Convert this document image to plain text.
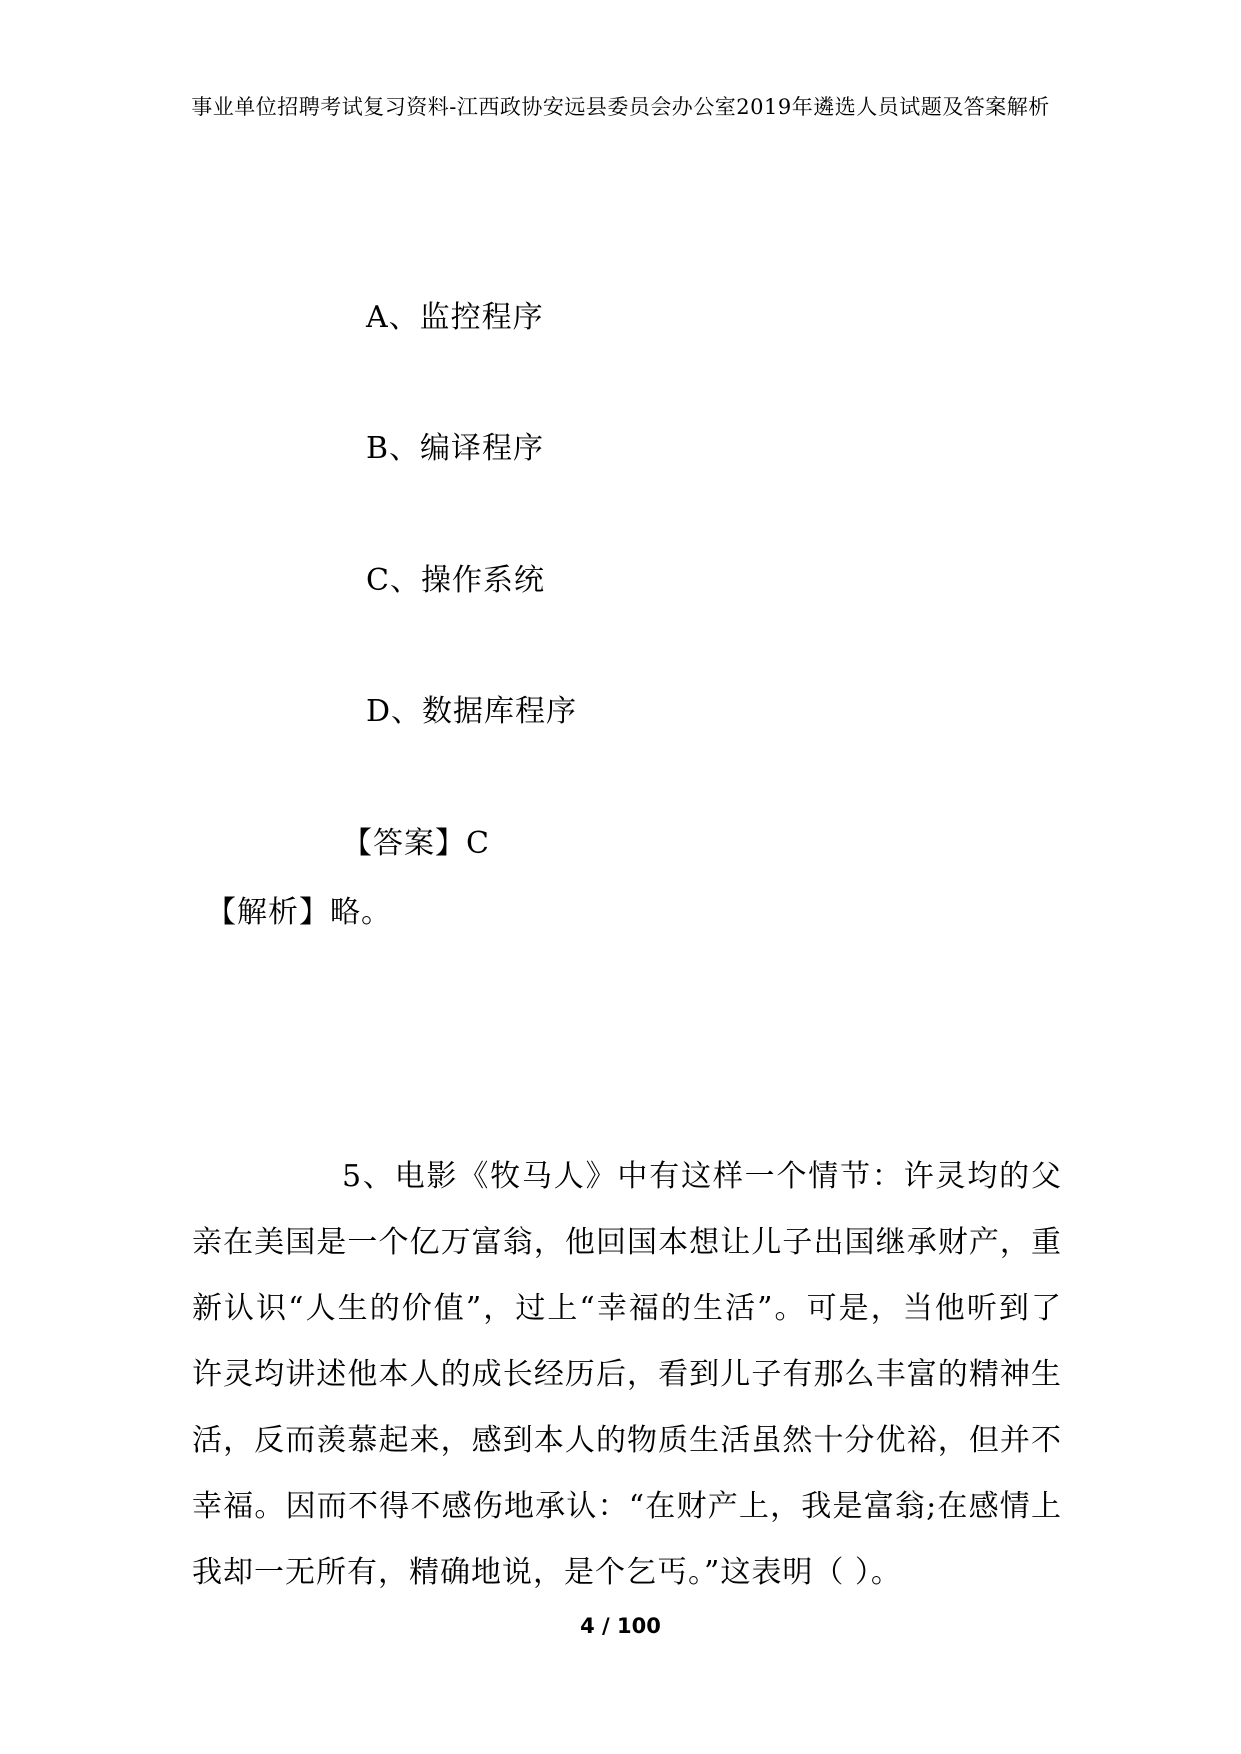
事业单位招聘考试复习资料-江西政协安远县委员会办公室2019年遴选人员试题及答案解析
A、监控程序
B、编译程序
C、操作系统
D、数据库程序
【答案】C
【解析】略。
5、电影《牧马人》中有这样一个情节：许灵均的父亲在美国是一个亿万富翁，他回国本想让儿子出国继承财产，重新认识“人生的价值”，过上“幸福的生活”。可是，当他听到了许灵均讲述他本人的成长经历后，看到儿子有那么丰富的精神生活，反而羡慕起来，感到本人的物质生活虽然十分优裕，但并不幸福。因而不得不感伤地承认：“在财产上，我是富翁;在感情上我却一无所有，精确地说，是个乞丐。”这表明（ ）。
4 / 100
